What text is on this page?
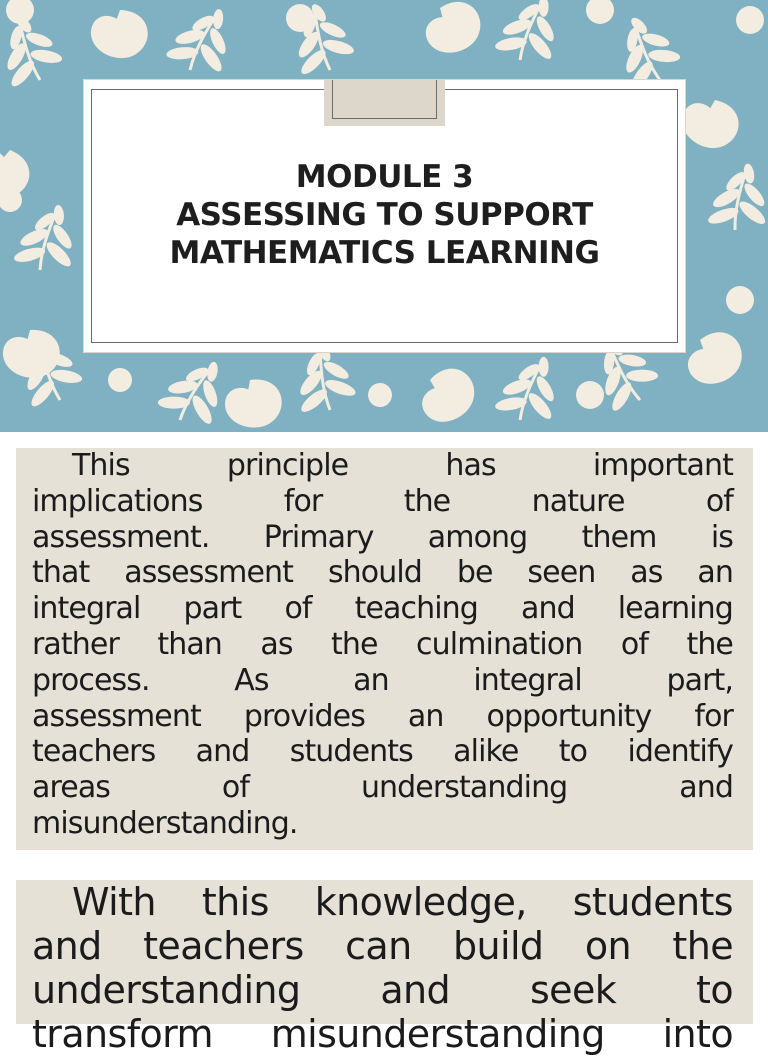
MODULE 3
ASSESSING TO SUPPORT
MATHEMATICS LEARNING
This	principle	has	important
implications	for	the	nature	of
assessment. Primary among them is
that assessment should be seen as an
integral part of teaching and learning
rather than as the culmination of the
process.	As	an	integral	part,
assessment provides an opportunity for
teachers and students alike to identify
areas	of	understanding	and
misunderstanding.
With this knowledge, students
and teachers can build on the
understanding and seek to
transform misunderstanding into
